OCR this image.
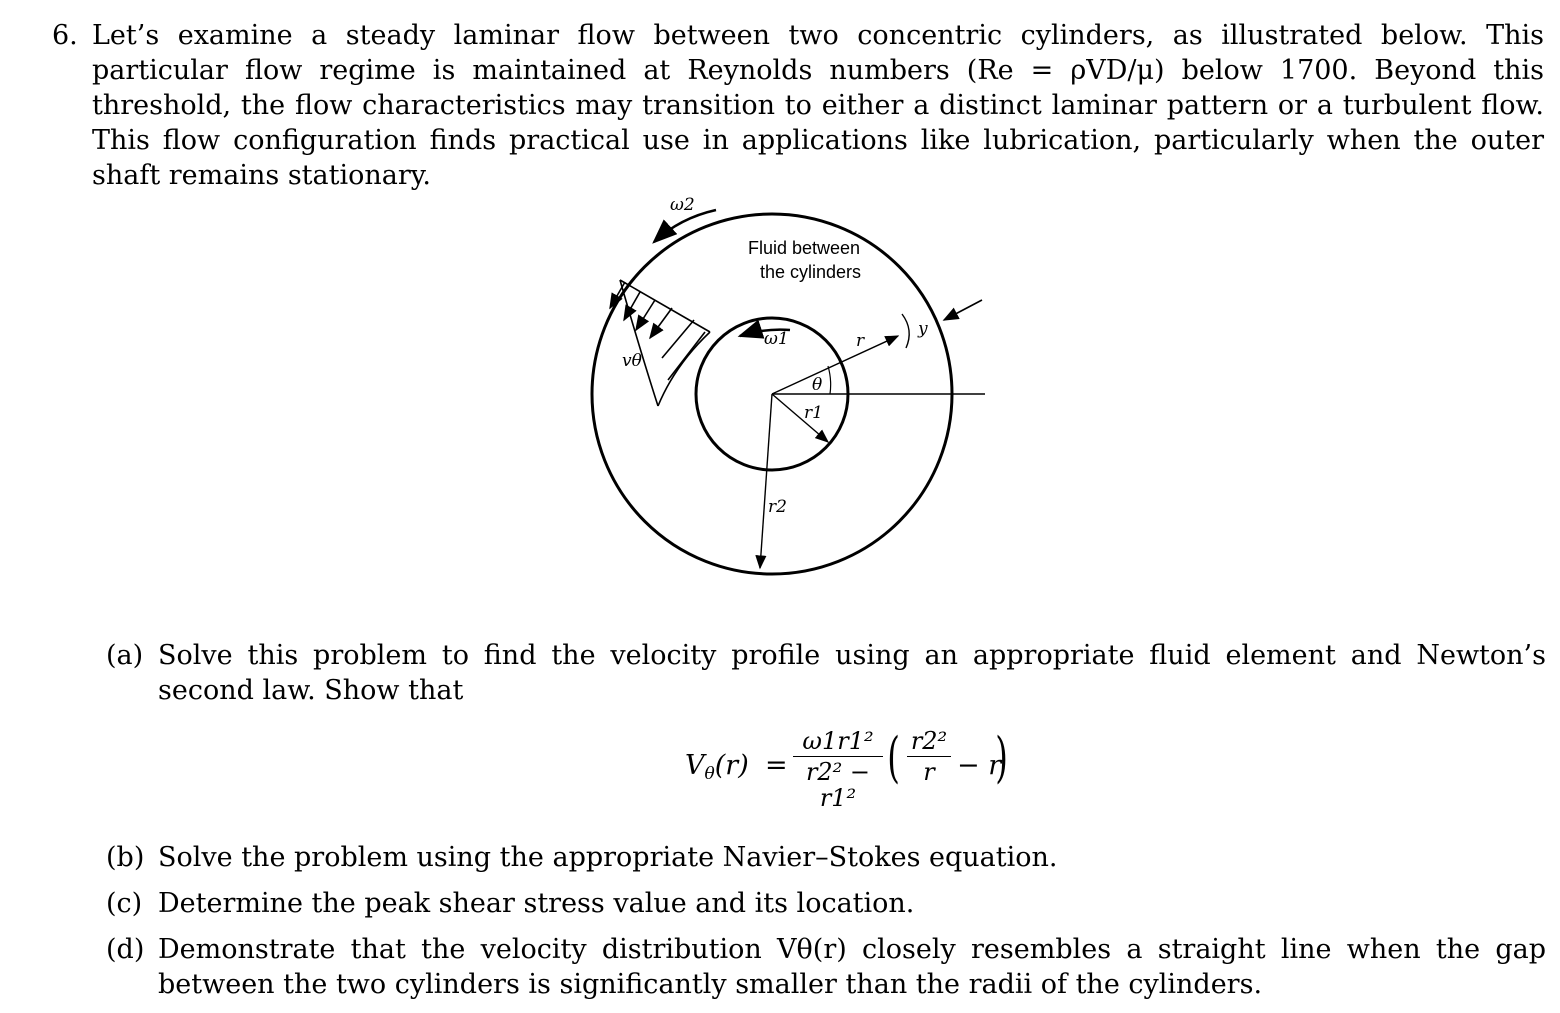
6. Let’s examine a steady laminar flow between two concentric cylinders, as illustrated below. This particular flow regime is maintained at Reynolds numbers (Re = ρVD/μ) below 1700. Beyond this threshold, the flow characteristics may transition to either a distinct laminar pattern or a turbulent flow. This flow configuration finds practical use in applications like lubrication, particularly when the outer shaft remains stationary.
ω2
Fluid between
the cylinders
ω1
vθ
r
y
θ
r1
r2
(a) Solve this problem to find the velocity profile using an appropriate fluid element and Newton’s second law. Show that
$V_\theta(r)$ =
ω1r1²
r2² − r1²
( r2²
r − r
)
(b) Solve the problem using the appropriate Navier–Stokes equation.
(c) Determine the peak shear stress value and its location.
(d) Demonstrate that the velocity distribution Vθ(r) closely resembles a straight line when the gap between the two cylinders is significantly smaller than the radii of the cylinders.
